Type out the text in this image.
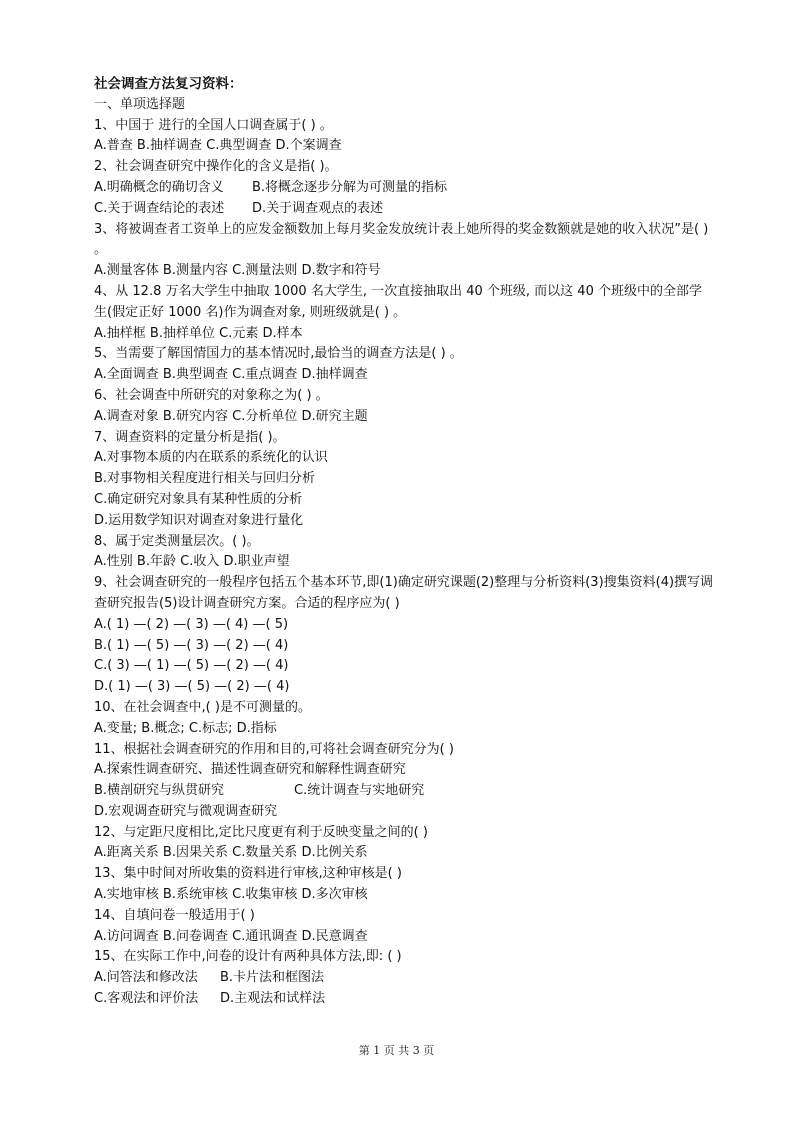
社会调查方法复习资料：
一、单项选择题
1、中国于 进行的全国人口调查属于( ) 。
A.普查 B.抽样调查 C.典型调查 D.个案调查
2、社会调查研究中操作化的含义是指( )。
A.明确概念的确切含义 B.将概念逐步分解为可测量的指标
C.关于调查结论的表述 D.关于调查观点的表述
3、将被调查者工资单上的应发金额数加上每月奖金发放统计表上她所得的奖金数额就是她的收入状况”是( ) 。
A.测量客体 B.测量内容 C.测量法则 D.数字和符号
4、从 12.8 万名大学生中抽取 1000 名大学生, 一次直接抽取出 40 个班级, 而以这 40 个班级中的全部学生(假定正好 1000 名)作为调查对象, 则班级就是( ) 。
A.抽样框 B.抽样单位 C.元素 D.样本
5、当需要了解国情国力的基本情况时,最恰当的调查方法是( ) 。
A.全面调查 B.典型调查 C.重点调查 D.抽样调查
6、社会调查中所研究的对象称之为( ) 。
A.调查对象 B.研究内容 C.分析单位 D.研究主题
7、调查资料的定量分析是指( )。
A.对事物本质的内在联系的系统化的认识
B.对事物相关程度进行相关与回归分析
C.确定研究对象具有某种性质的分析
D.运用数学知识对调查对象进行量化
8、属于定类测量层次。( )。
A.性别 B.年龄 C.收入 D.职业声望
9、社会调查研究的一般程序包括五个基本环节,即(1)确定研究课题(2)整理与分析资料(3)搜集资料(4)撰写调查研究报告(5)设计调查研究方案。合适的程序应为( )
A.( 1) —( 2) —( 3) —( 4) —( 5)
B.( 1) —( 5) —( 3) —( 2) —( 4)
C.( 3) —( 1) —( 5) —( 2) —( 4)
D.( 1) —( 3) —( 5) —( 2) —( 4)
10、在社会调查中,( )是不可测量的。
A.变量; B.概念; C.标志; D.指标
11、根据社会调查研究的作用和目的,可将社会调查研究分为( )
A.探索性调查研究、描述性调查研究和解释性调查研究
B.横剖研究与纵贯研究	C.统计调查与实地研究
D.宏观调查研究与微观调查研究
12、与定距尺度相比,定比尺度更有利于反映变量之间的( )
A.距离关系 B.因果关系 C.数量关系 D.比例关系
13、集中时间对所收集的资料进行审核,这种审核是( )
A.实地审核 B.系统审核 C.收集审核 D.多次审核
14、自填问卷一般适用于( )
A.访问调查 B.问卷调查 C.通讯调查 D.民意调查
15、在实际工作中,问卷的设计有两种具体方法,即: ( )
A.问答法和修改法 B.卡片法和框图法
C.客观法和评价法 D.主观法和试样法
第 1 页 共 3 页
